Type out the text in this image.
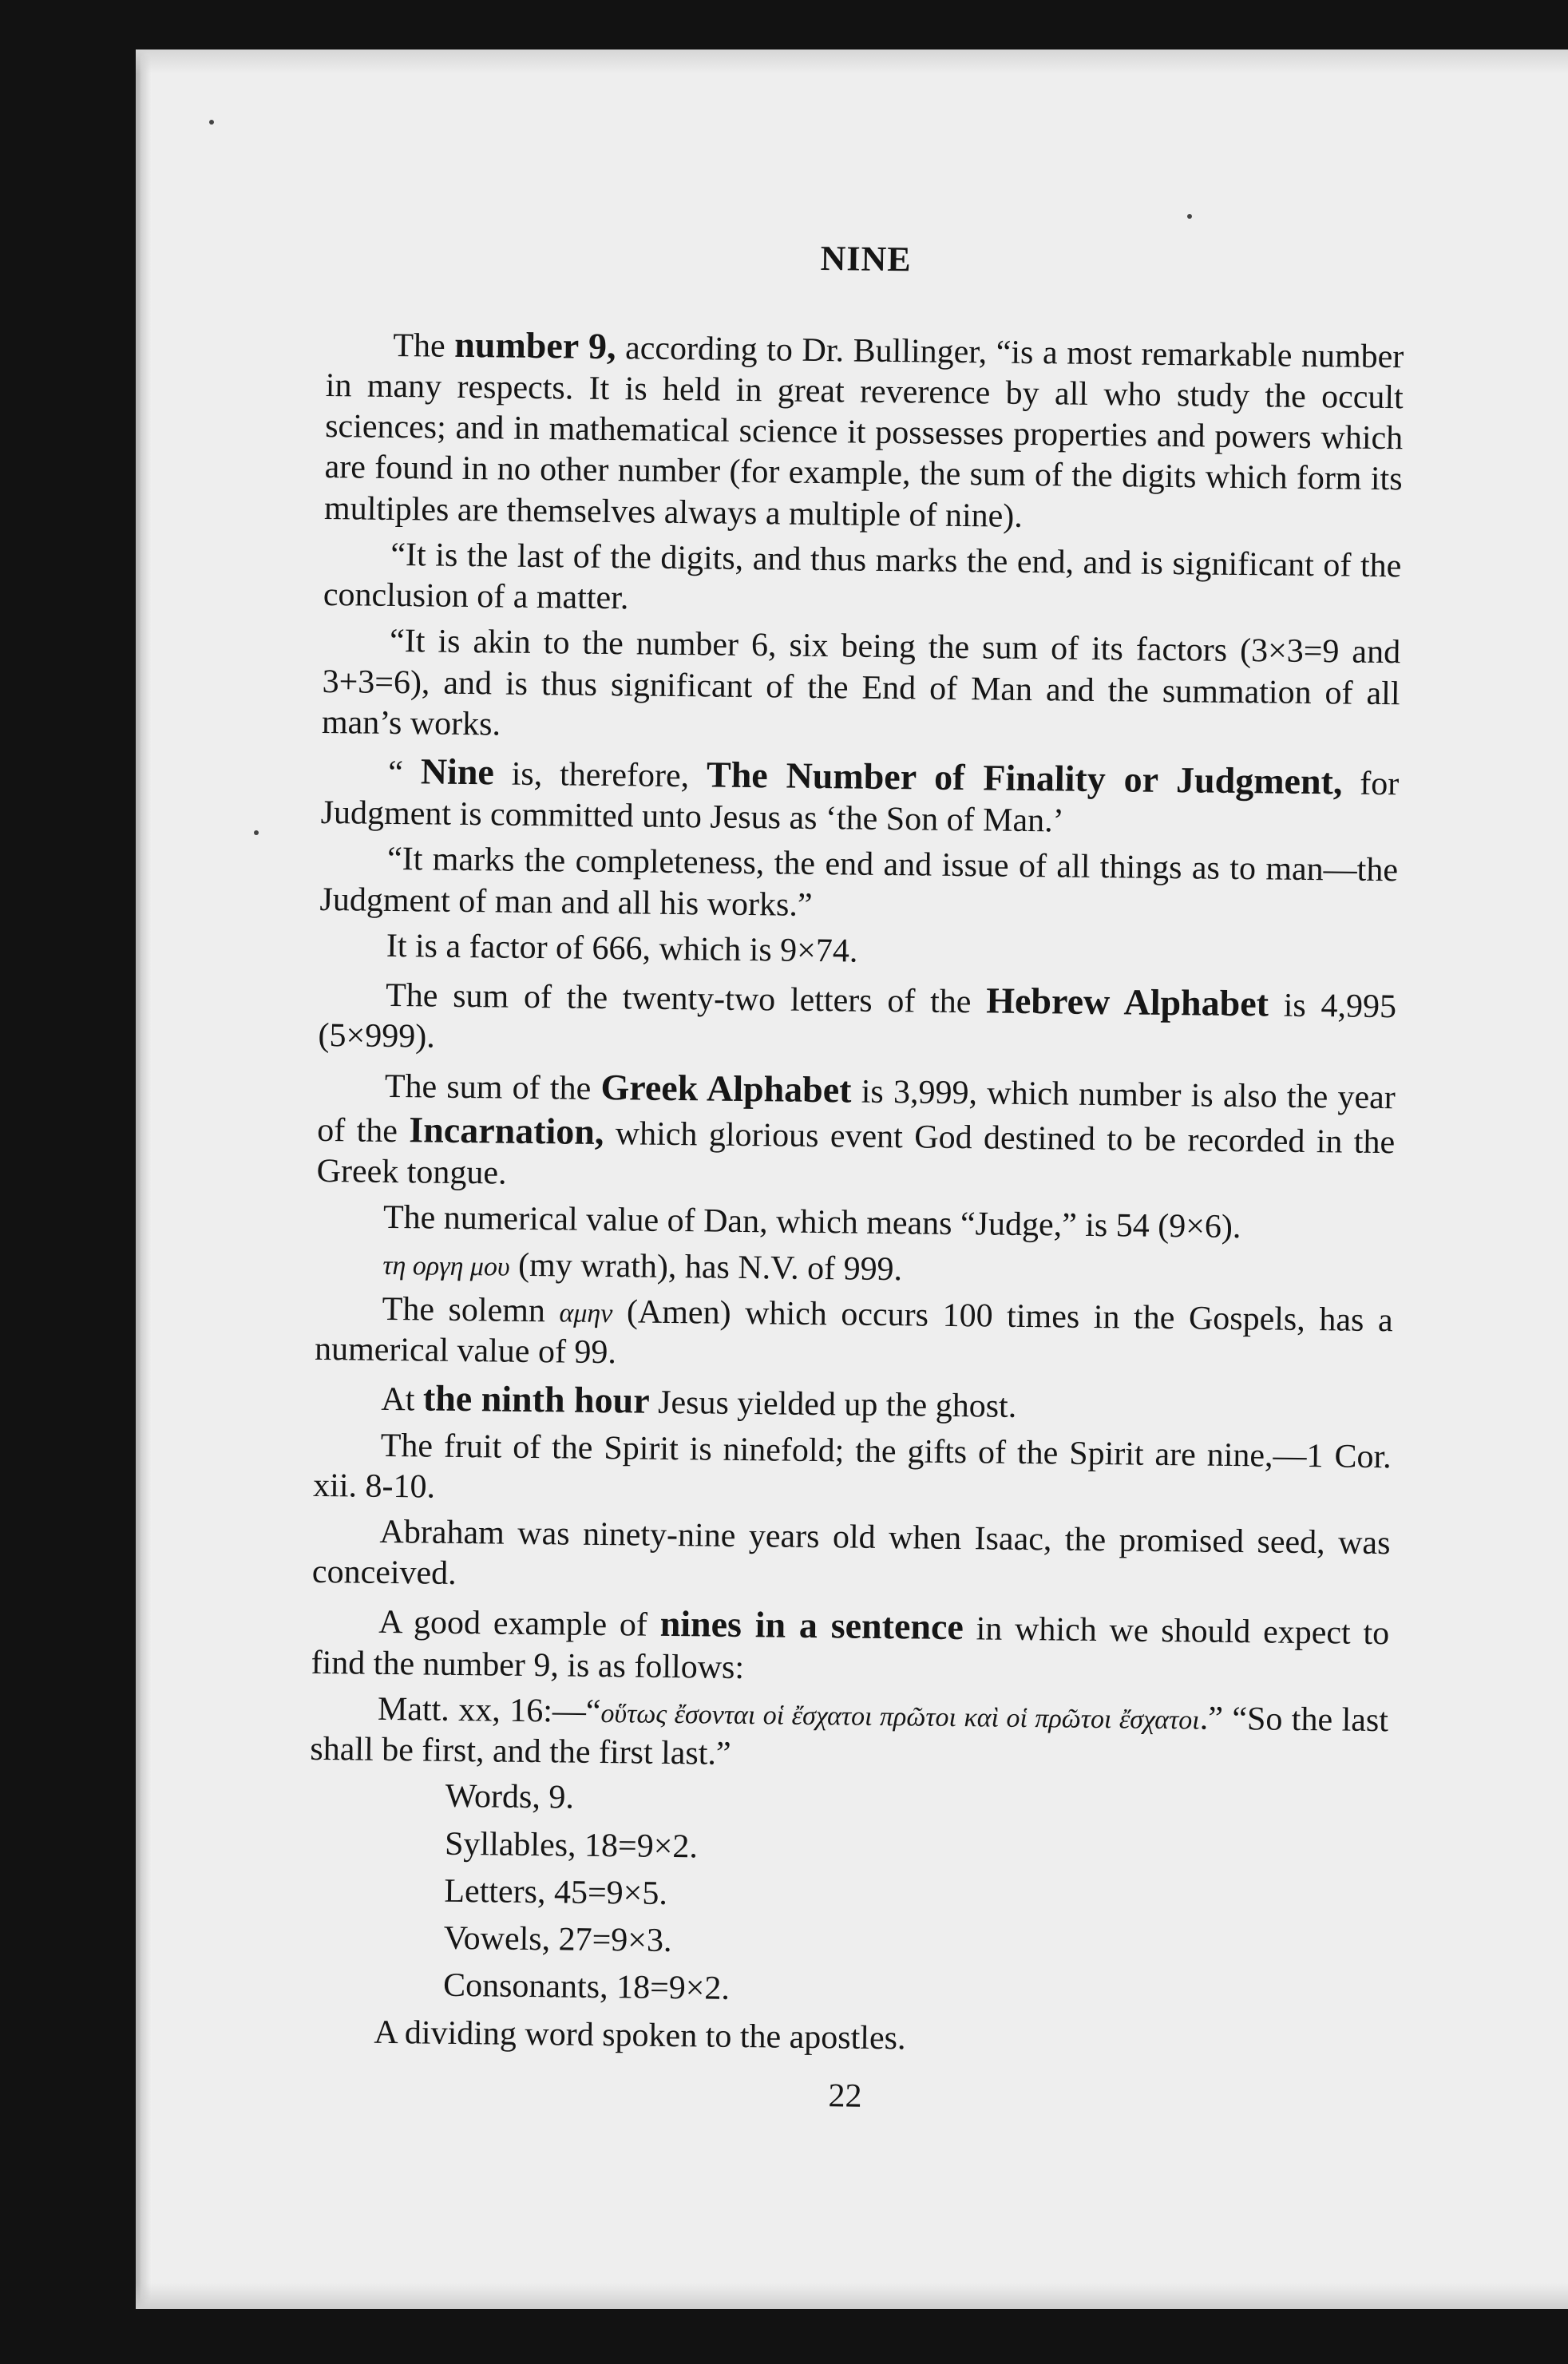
NINE
The number 9, according to Dr. Bullinger, “is a most remarkable number in many respects. It is held in great reverence by all who study the occult sciences; and in mathematical science it possesses properties and powers which are found in no other number (for example, the sum of the digits which form its multiples are themselves always a multiple of nine).
“It is the last of the digits, and thus marks the end, and is significant of the conclusion of a matter.
“It is akin to the number 6, six being the sum of its factors (3×3=9 and 3+3=6), and is thus significant of the End of Man and the summation of all man’s works.
“ Nine is, therefore, The Number of Finality or Judgment, for Judgment is committed unto Jesus as ‘the Son of Man.’
“It marks the completeness, the end and issue of all things as to man—the Judgment of man and all his works.”
It is a factor of 666, which is 9×74.
The sum of the twenty-two letters of the Hebrew Alphabet is 4,995 (5×999).
The sum of the Greek Alphabet is 3,999, which number is also the year of the Incarnation, which glorious event God destined to be recorded in the Greek tongue.
The numerical value of Dan, which means “Judge,” is 54 (9×6).
τη οργη μου (my wrath), has N.V. of 999.
The solemn αμην (Amen) which occurs 100 times in the Gospels, has a numerical value of 99.
At the ninth hour Jesus yielded up the ghost.
The fruit of the Spirit is ninefold; the gifts of the Spirit are nine,—1 Cor. xii. 8-10.
Abraham was ninety-nine years old when Isaac, the promised seed, was conceived.
A good example of nines in a sentence in which we should expect to find the number 9, is as follows:
Matt. xx, 16:—“οὕτως ἔσονται οἱ ἔσχατοι πρῶτοι καὶ οἱ πρῶτοι ἔσχατοι.” “So the last shall be first, and the first last.”
Words, 9.
Syllables, 18=9×2.
Letters, 45=9×5.
Vowels, 27=9×3.
Consonants, 18=9×2.
A dividing word spoken to the apostles.
22
